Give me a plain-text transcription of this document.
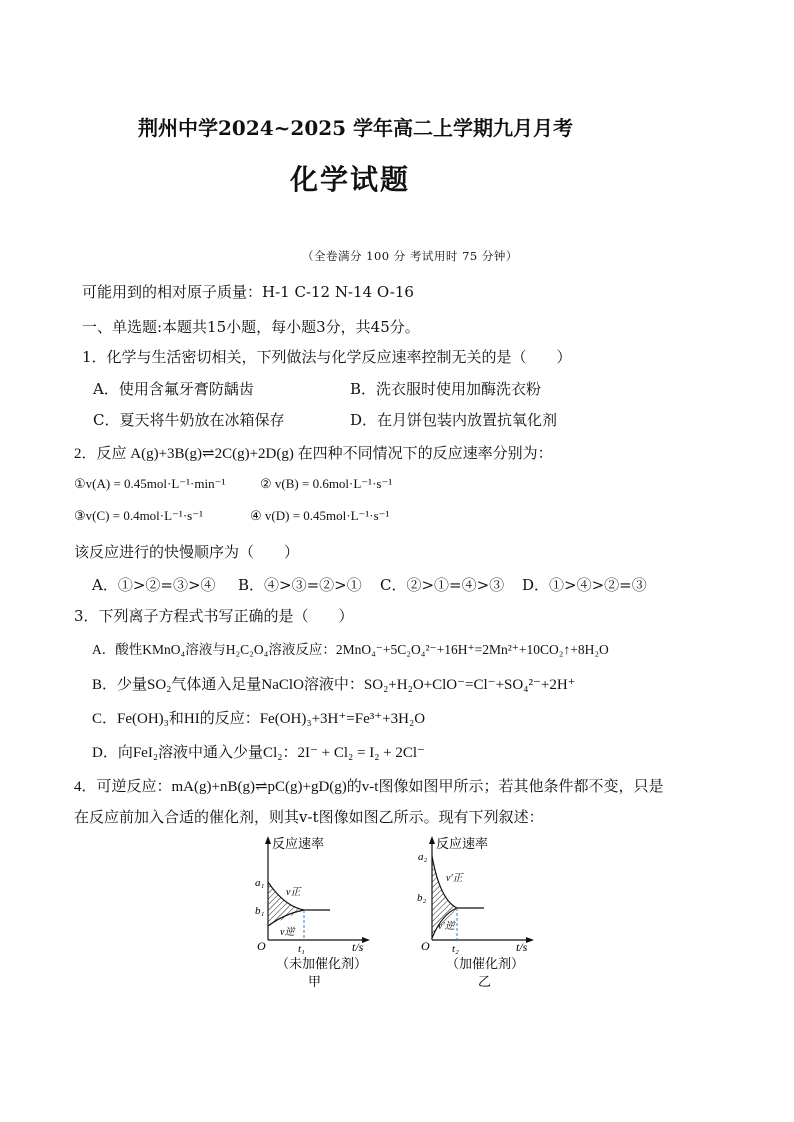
荆州中学2024~2025 学年高二上学期九月月考
化学试题
（全卷满分 100 分 考试用时 75 分钟）
可能用到的相对原子质量：H-1 C-12 N-14 O-16
一、单选题:本题共15小题，每小题3分，共45分。
1．化学与生活密切相关，下列做法与化学反应速率控制无关的是（　　）
A．使用含氟牙膏防龋齿	B．洗衣服时使用加酶洗衣粉
C．夏天将牛奶放在冰箱保存	D．在月饼包装内放置抗氧化剂
2．反应 A(g)+3B(g)⇌2C(g)+2D(g) 在四种不同情况下的反应速率分别为：
①v(A) = 0.45mol·L⁻¹·min⁻¹	② v(B) = 0.6mol·L⁻¹·s⁻¹
③v(C) = 0.4mol·L⁻¹·s⁻¹	④ v(D) = 0.45mol·L⁻¹·s⁻¹
该反应进行的快慢顺序为（　　）
A．①>②=③>④ B．④>③=②>① C．②>①=④>③ D．①>④>②=③
3．下列离子方程式书写正确的是（　　）
A．酸性KMnO₄溶液与H₂C₂O₄溶液反应：2MnO₄⁻+5C₂O₄²⁻+16H⁺=2Mn²⁺+10CO₂↑+8H₂O
B．少量SO₂气体通入足量NaClO溶液中：SO₂+H₂O+ClO⁻=Cl⁻+SO₄²⁻+2H⁺
C．Fe(OH)₃和HI的反应：Fe(OH)₃+3H⁺=Fe³⁺+3H₂O
D．向FeI₂溶液中通入少量Cl₂：2I⁻ + Cl₂ = I₂ + 2Cl⁻
4．可逆反应：mA(g)+nB(g)⇌pC(g)+gD(g)的v-t图像如图甲所示；若其他条件都不变，只是
在反应前加入合适的催化剂，则其v-t图像如图乙所示。现有下列叙述：
反应速率
a₁
b₁
v正
v逆
O	t₁	t/s
（未加催化剂）
甲
反应速率
a₂
b₂
v′正
v′逆
O t₂	t/s
（加催化剂）
乙
